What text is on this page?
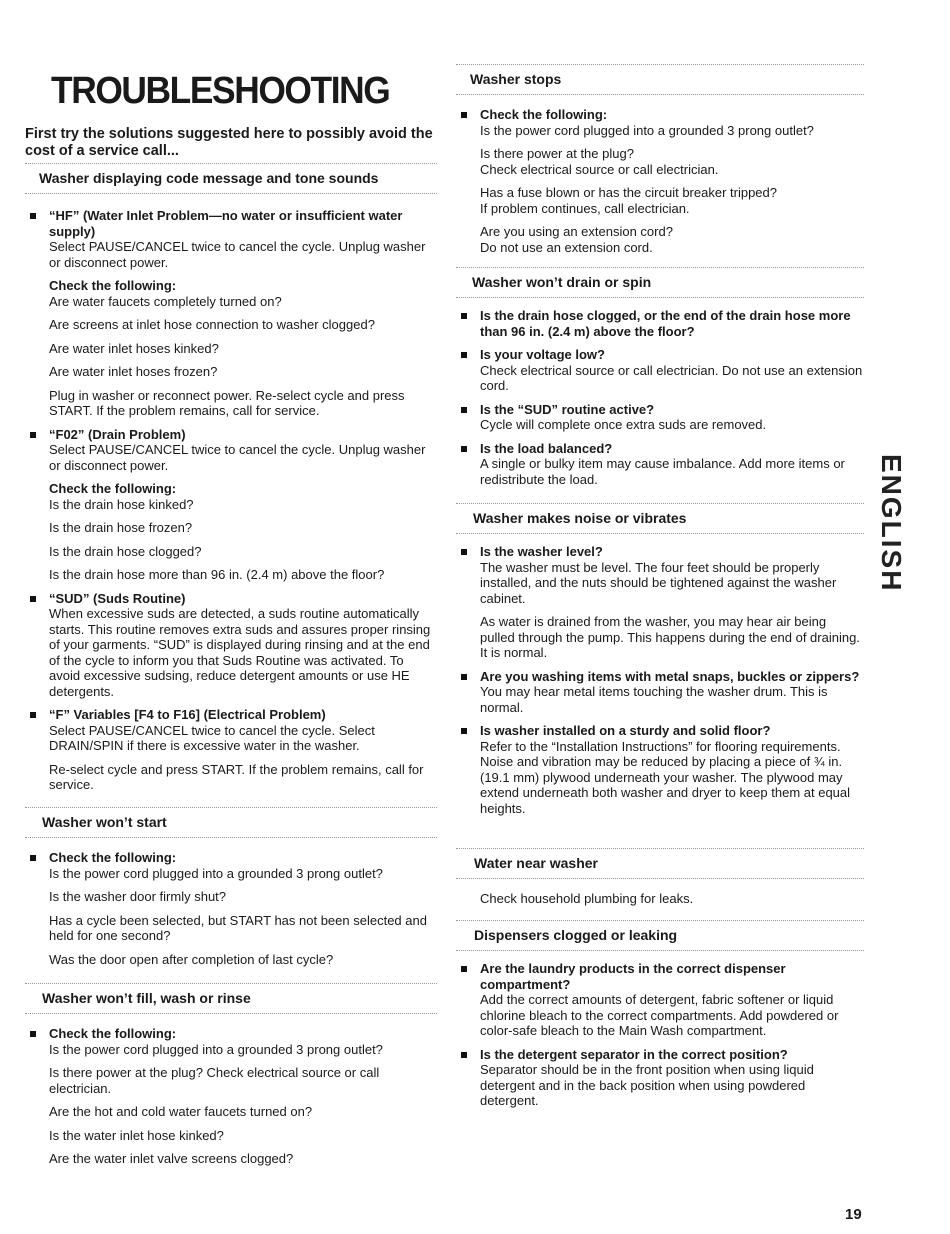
TROUBLESHOOTING
First try the solutions suggested here to possibly avoid the cost of a service call...
Washer displaying code message and tone sounds
“HF” (Water Inlet Problem—no water or insufficient water supply)

Select PAUSE/CANCEL twice to cancel the cycle. Unplug washer or disconnect power.

Check the following:

Are water faucets completely turned on?

Are screens at inlet hose connection to washer clogged?

Are water inlet hoses kinked?

Are water inlet hoses frozen?

Plug in washer or reconnect power. Re-select cycle and press START. If the problem remains, call for service.

“F02” (Drain Problem)

Select PAUSE/CANCEL twice to cancel the cycle. Unplug washer or disconnect power.

Check the following:

Is the drain hose kinked?

Is the drain hose frozen?

Is the drain hose clogged?

Is the drain hose more than 96 in. (2.4 m) above the floor?

“SUD” (Suds Routine)

When excessive suds are detected, a suds routine automatically starts. This routine removes extra suds and assures proper rinsing of your garments. “SUD” is displayed during rinsing and at the end of the cycle to inform you that Suds Routine was activated. To avoid excessive sudsing, reduce detergent amounts or use HE detergents.

“F” Variables [F4 to F16] (Electrical Problem)

Select PAUSE/CANCEL twice to cancel the cycle. Select DRAIN/SPIN if there is excessive water in the washer.

Re-select cycle and press START. If the problem remains, call for service.

Washer won’t start
Check the following:

Is the power cord plugged into a grounded 3 prong outlet?

Is the washer door firmly shut?

Has a cycle been selected, but START has not been selected and held for one second?

Was the door open after completion of last cycle?

Washer won’t fill, wash or rinse
Check the following:

Is the power cord plugged into a grounded 3 prong outlet?

Is there power at the plug? Check electrical source or call electrician.

Are the hot and cold water faucets turned on?

Is the water inlet hose kinked?

Are the water inlet valve screens clogged?

Washer stops
Check the following:

Is the power cord plugged into a grounded 3 prong outlet?

Is there power at the plug?
Check electrical source or call electrician.
Has a fuse blown or has the circuit breaker tripped?
If problem continues, call electrician.
Are you using an extension cord?
Do not use an extension cord.
Washer won’t drain or spin
Is the drain hose clogged, or the end of the drain hose more than 96 in. (2.4 m) above the floor?
Is your voltage low?
Check electrical source or call electrician. Do not use an extension cord.
Is the “SUD” routine active?
Cycle will complete once extra suds are removed.
Is the load balanced?
A single or bulky item may cause imbalance. Add more items or redistribute the load.
Washer makes noise or vibrates
Is the washer level?

The washer must be level. The four feet should be properly installed, and the nuts should be tightened against the washer cabinet.

As water is drained from the washer, you may hear air being pulled through the pump. This happens during the end of draining. It is normal.

Are you washing items with metal snaps, buckles or zippers?
You may hear metal items touching the washer drum. This is normal.
Is washer installed on a sturdy and solid floor?
Refer to the “Installation Instructions” for flooring requirements. Noise and vibration may be reduced by placing a piece of ¾ in. (19.1 mm) plywood underneath your washer. The plywood may extend underneath both washer and dryer to keep them at equal heights.
Water near washer
Check household plumbing for leaks.
Dispensers clogged or leaking
Are the laundry products in the correct dispenser compartment?
Add the correct amounts of detergent, fabric softener or liquid chlorine bleach to the correct compartments. Add powdered or color-safe bleach to the Main Wash compartment.
Is the detergent separator in the correct position?
Separator should be in the front position when using liquid detergent and in the back position when using powdered detergent.
ENGLISH
19
